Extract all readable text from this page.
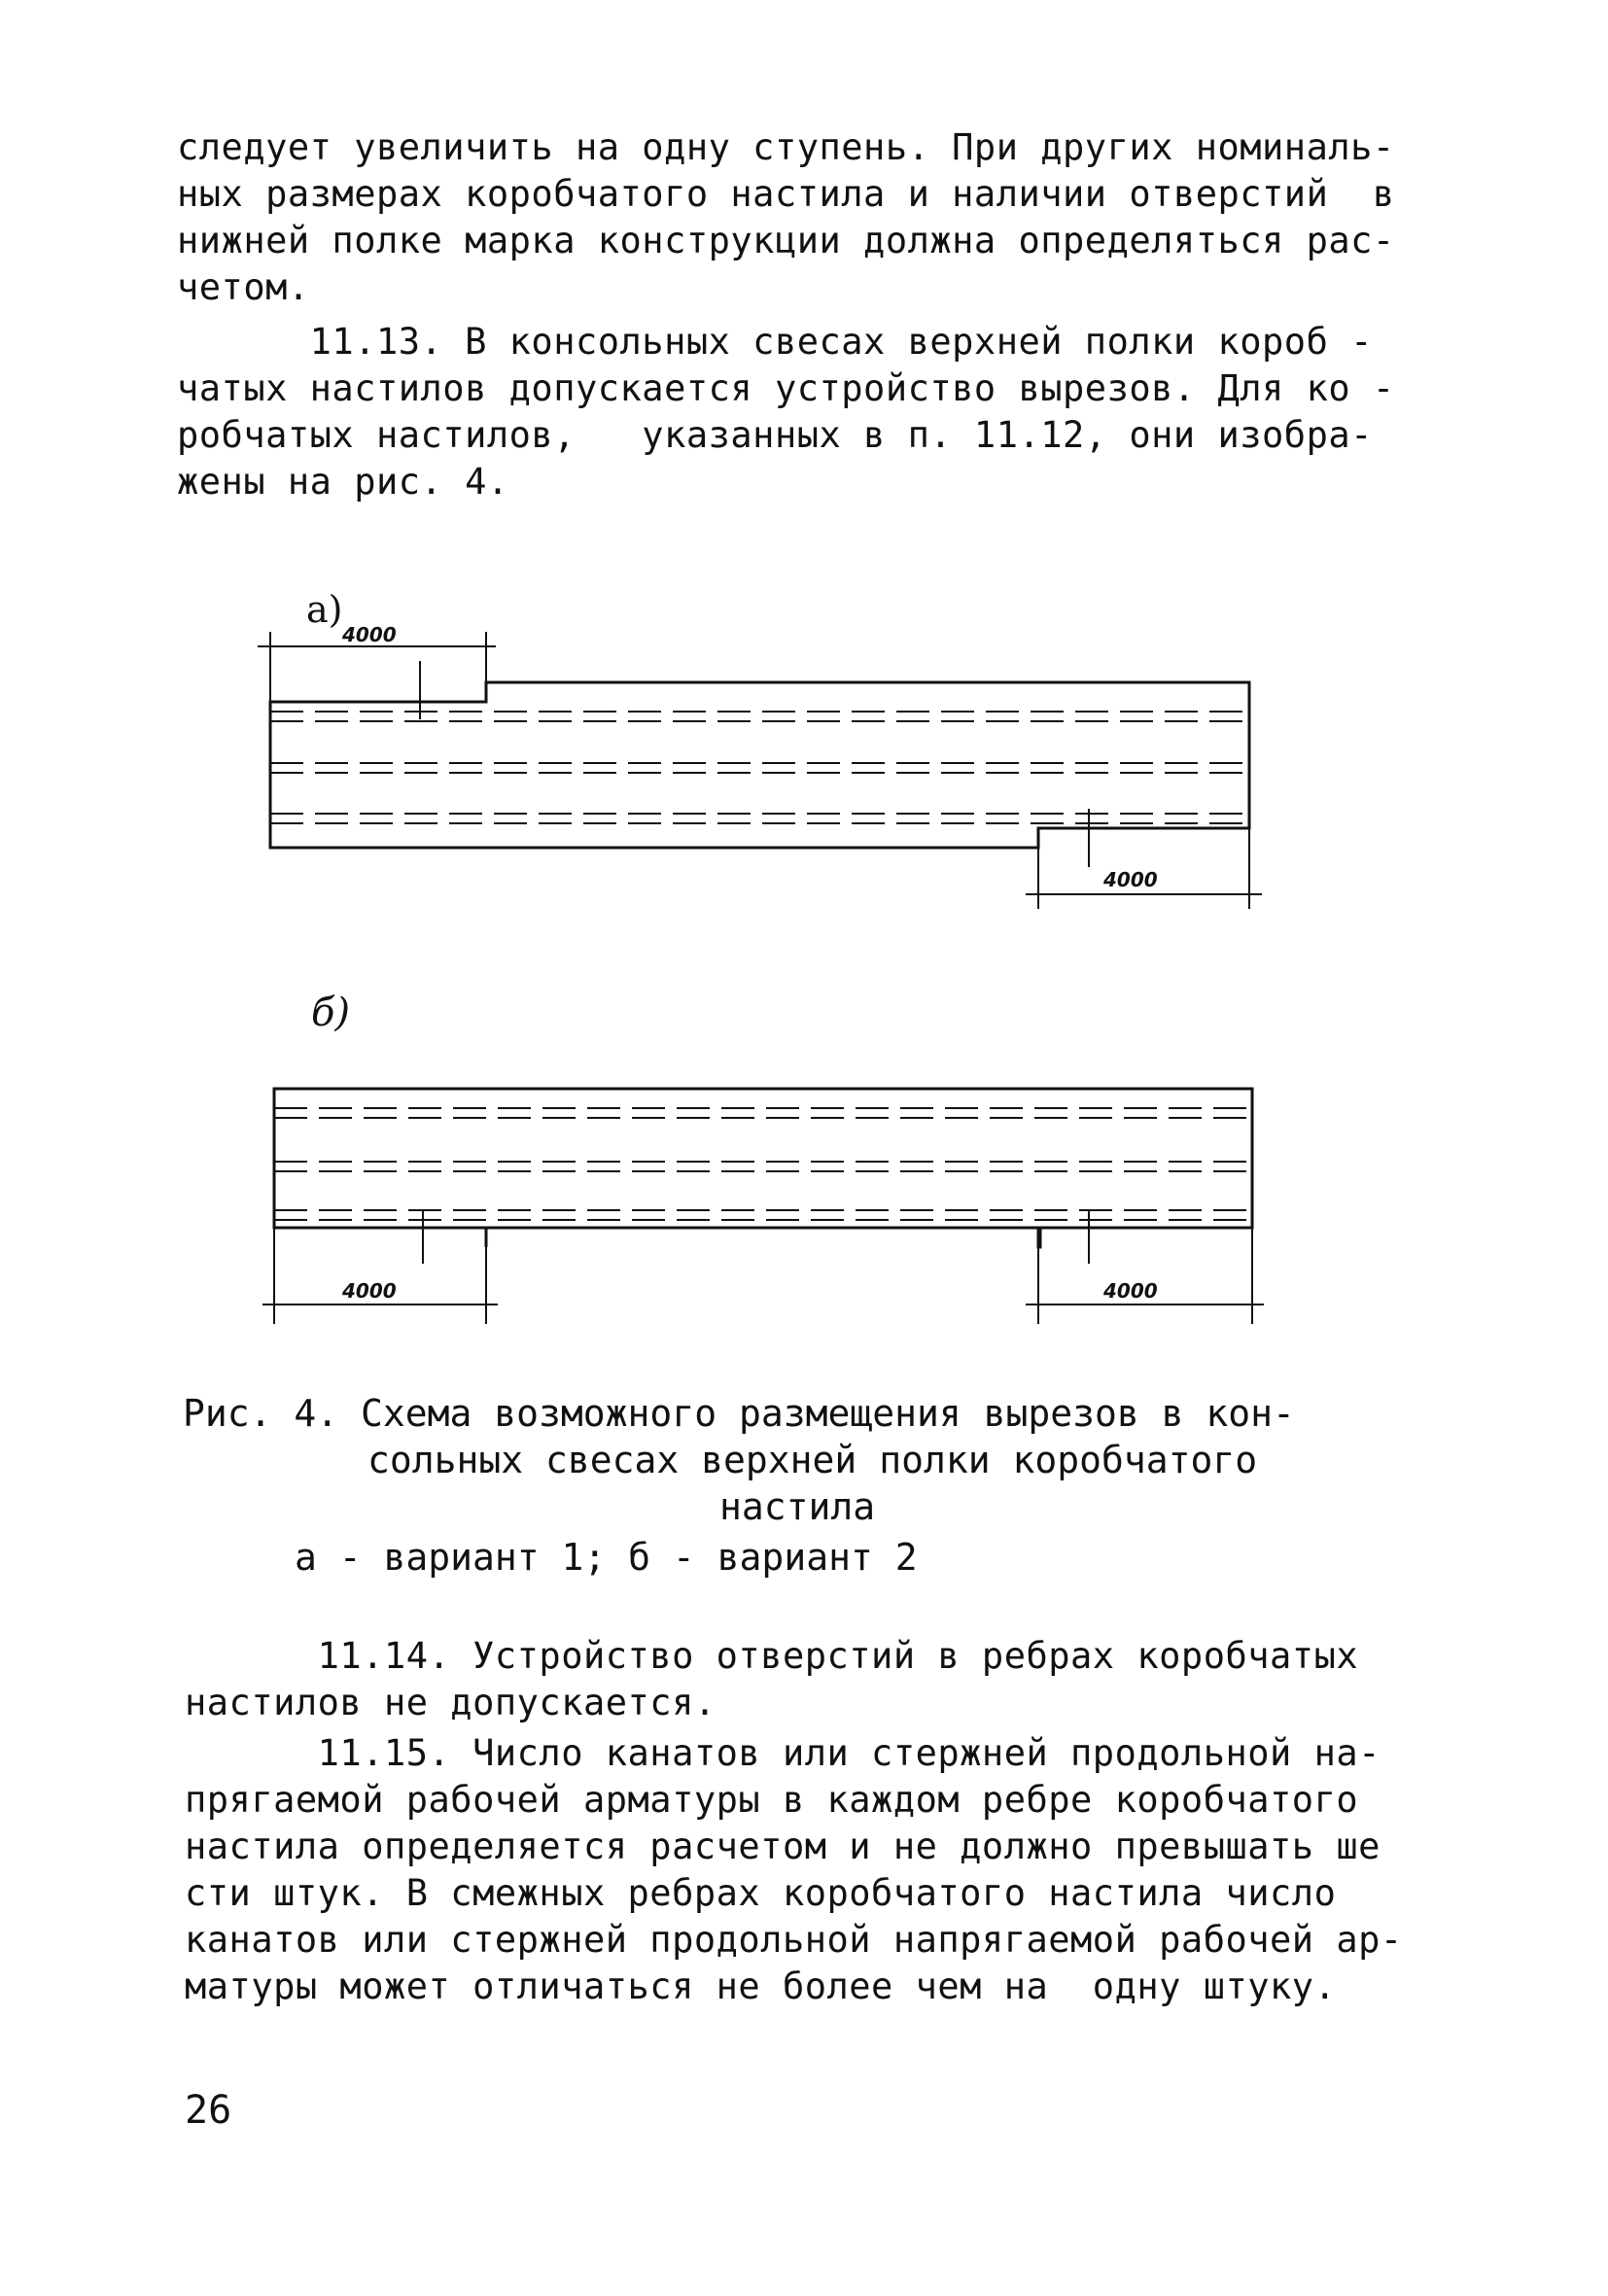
следует увеличить на одну ступень. При других номиналь-
ных размерах коробчатого настила и наличии отверстий  в
нижней полке марка конструкции должна определяться рас-
четом.
11.13. В консольных свесах верхней полки короб -
чатых настилов допускается устройство вырезов. Для ко -
робчатых настилов,   указанных в п. 11.12, они изобра-
жены на рис. 4.
а)
б)
4000
4000
4000	4000
Рис. 4. Схема возможного размещения вырезов в кон-
сольных свесах верхней полки коробчатого
настила
а - вариант 1; б - вариант 2
11.14. Устройство отверстий в ребрах коробчатых
настилов не допускается.
11.15. Число канатов или стержней продольной на-
прягаемой рабочей арматуры в каждом ребре коробчатого
настила определяется расчетом и не должно превышать ше
сти штук. В смежных ребрах коробчатого настила число
канатов или стержней продольной напрягаемой рабочей ар-
матуры может отличаться не более чем на  одну штуку.
26
